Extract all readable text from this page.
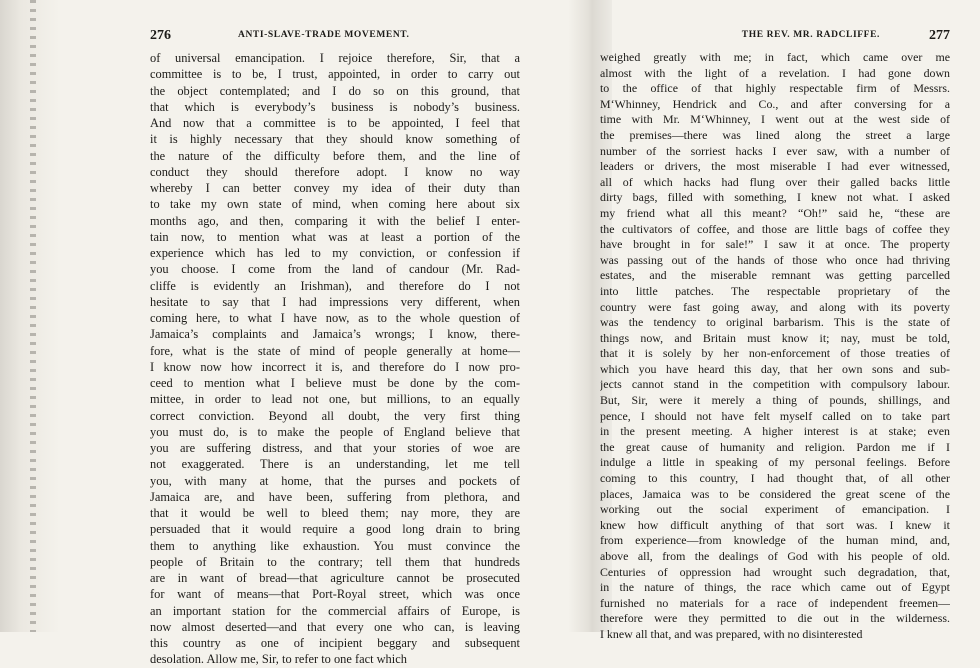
276	ANTI-SLAVE-TRADE MOVEMENT.
of universal emancipation. I rejoice therefore, Sir, that a
committee is to be, I trust, appointed, in order to carry out
the object contemplated; and I do so on this ground, that
that which is everybody’s business is nobody’s business.
And now that a committee is to be appointed, I feel that
it is highly necessary that they should know something of
the nature of the difficulty before them, and the line of
conduct they should therefore adopt. I know no way
whereby I can better convey my idea of their duty than
to take my own state of mind, when coming here about six
months ago, and then, comparing it with the belief I enter-
tain now, to mention what was at least a portion of the
experience which has led to my conviction, or confession if
you choose. I come from the land of candour (Mr. Rad-
cliffe is evidently an Irishman), and therefore do I not
hesitate to say that I had impressions very different, when
coming here, to what I have now, as to the whole question of
Jamaica’s complaints and Jamaica’s wrongs; I know, there-
fore, what is the state of mind of people generally at home—
I know now how incorrect it is, and therefore do I now pro-
ceed to mention what I believe must be done by the com-
mittee, in order to lead not one, but millions, to an equally
correct conviction. Beyond all doubt, the very first thing
you must do, is to make the people of England believe that
you are suffering distress, and that your stories of woe are
not exaggerated. There is an understanding, let me tell
you, with many at home, that the purses and pockets of
Jamaica are, and have been, suffering from plethora, and
that it would be well to bleed them; nay more, they are
persuaded that it would require a good long drain to bring
them to anything like exhaustion. You must convince the
people of Britain to the contrary; tell them that hundreds
are in want of bread—that agriculture cannot be prosecuted
for want of means—that Port-Royal street, which was once
an important station for the commercial affairs of Europe, is
now almost deserted—and that every one who can, is leaving
this country as one of incipient beggary and subsequent
desolation. Allow me, Sir, to refer to one fact which
THE REV. MR. RADCLIFFE.	277
weighed greatly with me; in fact, which came over me
almost with the light of a revelation. I had gone down
to the office of that highly respectable firm of Messrs.
M‘Whinney, Hendrick and Co., and after conversing for a
time with Mr. M‘Whinney, I went out at the west side of
the premises—there was lined along the street a large
number of the sorriest hacks I ever saw, with a number of
leaders or drivers, the most miserable I had ever witnessed,
all of which hacks had flung over their galled backs little
dirty bags, filled with something, I knew not what. I asked
my friend what all this meant? “Oh!” said he, “these are
the cultivators of coffee, and those are little bags of coffee they
have brought in for sale!” I saw it at once. The property
was passing out of the hands of those who once had thriving
estates, and the miserable remnant was getting parcelled
into little patches. The respectable proprietary of the
country were fast going away, and along with its poverty
was the tendency to original barbarism. This is the state of
things now, and Britain must know it; nay, must be told,
that it is solely by her non-enforcement of those treaties of
which you have heard this day, that her own sons and sub-
jects cannot stand in the competition with compulsory labour.
But, Sir, were it merely a thing of pounds, shillings, and
pence, I should not have felt myself called on to take part
in the present meeting. A higher interest is at stake; even
the great cause of humanity and religion. Pardon me if I
indulge a little in speaking of my personal feelings. Before
coming to this country, I had thought that, of all other
places, Jamaica was to be considered the great scene of the
working out the social experiment of emancipation. I
knew how difficult anything of that sort was. I knew it
from experience—from knowledge of the human mind, and,
above all, from the dealings of God with his people of old.
Centuries of oppression had wrought such degradation, that,
in the nature of things, the race which came out of Egypt
furnished no materials for a race of independent freemen—
therefore were they permitted to die out in the wilderness.
I knew all that, and was prepared, with no disinterested
